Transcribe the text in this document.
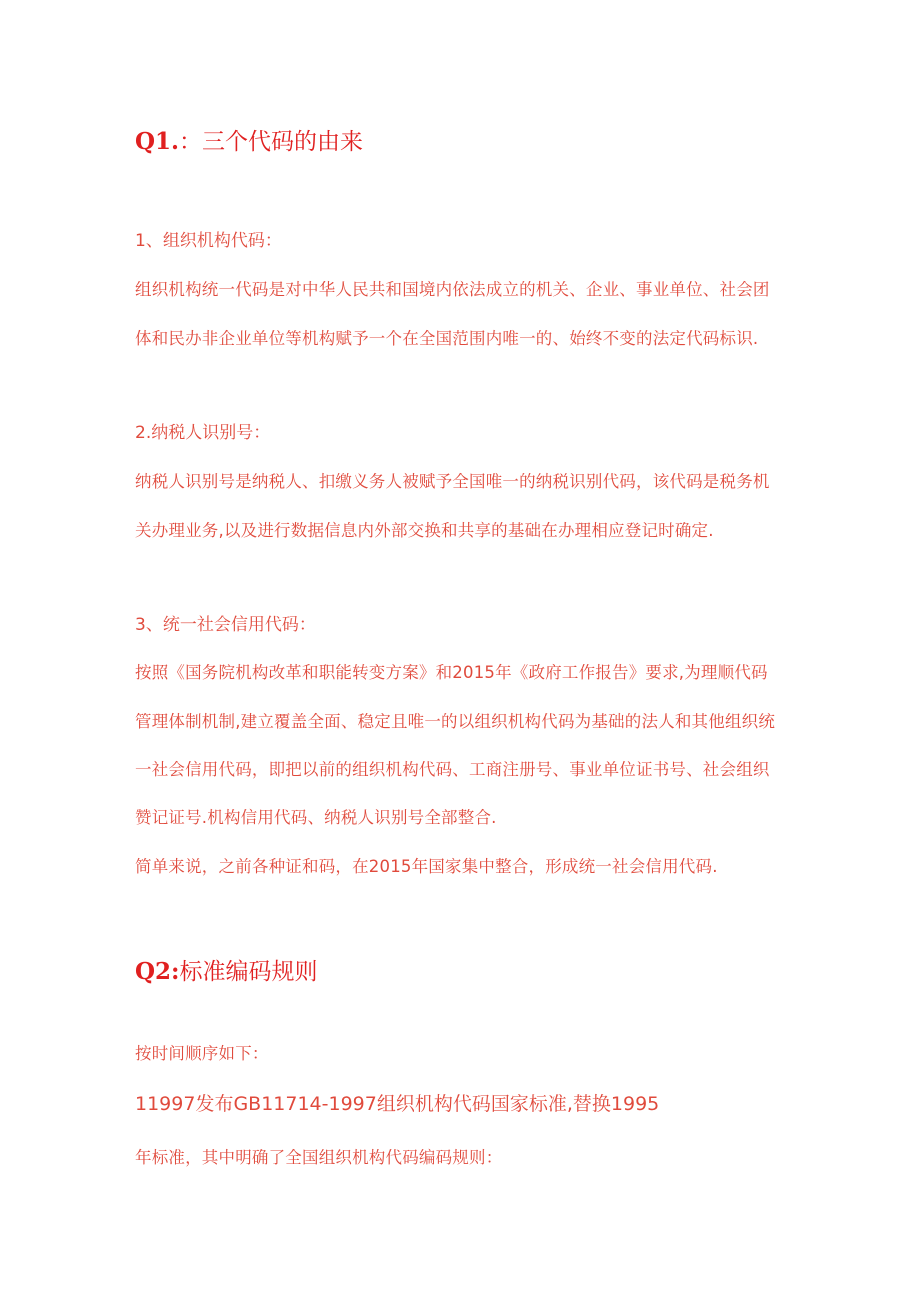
Q1.：三个代码的由来
1、组织机构代码：
组织机构统一代码是对中华人民共和国境内依法成立的机关、企业、事业单位、社会团
体和民办非企业单位等机构赋予一个在全国范围内唯一的、始终不变的法定代码标识.
2.纳税人识别号：
纳税人识别号是纳税人、扣缴义务人被赋予全国唯一的纳税识别代码，该代码是税务机
关办理业务,以及进行数据信息内外部交换和共享的基础在办理相应登记时确定.
3、统一社会信用代码：
按照《国务院机构改革和职能转变方案》和2015年《政府工作报告》要求,为理顺代码
管理体制机制,建立覆盖全面、稳定且唯一的以组织机构代码为基础的法人和其他组织统
一社会信用代码，即把以前的组织机构代码、工商注册号、事业单位证书号、社会组织
赞记证号.机构信用代码、纳税人识别号全部整合.
简单来说，之前各种证和码，在2015年国家集中整合，形成统一社会信用代码.
Q2:标准编码规则
按时间顺序如下：
11997发布GB11714-1997组织机构代码国家标准,替换1995
年标准，其中明确了全国组织机构代码编码规则：
